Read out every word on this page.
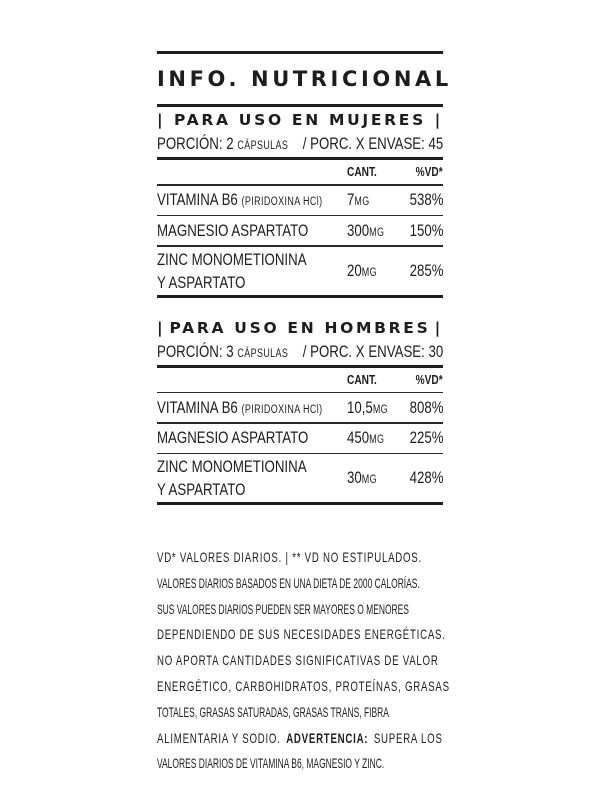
INFO. NUTRICIONAL
| PARA USO EN MUJERES |
PORCIÓN: 2 CÁPSULAS / PORC. X ENVASE: 45
CANT.	%VD*
VITAMINA B6 (PIRIDOXINA HCl) 7MG 538%
MAGNESIO ASPARTATO 300MG 150%
ZINC MONOMETIONINA
Y ASPARTATO
20MG 285%
| PARA USO EN HOMBRES |
PORCIÓN: 3 CÁPSULAS / PORC. X ENVASE: 30
CANT.	%VD*
VITAMINA B6 (PIRIDOXINA HCl) 10,5MG 808%
MAGNESIO ASPARTATO 450MG 225%
ZINC MONOMETIONINA
Y ASPARTATO
30MG 428%
VD* VALORES DIARIOS. | ** VD NO ESTIPULADOS.
VALORES DIARIOS BASADOS EN UNA DIETA DE 2000 CALORÍAS.
SUS VALORES DIARIOS PUEDEN SER MAYORES O MENORES
DEPENDIENDO DE SUS NECESIDADES ENERGÉTICAS.
NO APORTA CANTIDADES SIGNIFICATIVAS DE VALOR
ENERGÉTICO, CARBOHIDRATOS, PROTEÍNAS, GRASAS
TOTALES, GRASAS SATURADAS, GRASAS TRANS, FIBRA
ALIMENTARIA Y SODIO. ADVERTENCIA: SUPERA LOS
VALORES DIARIOS DE VITAMINA B6, MAGNESIO Y ZINC.
